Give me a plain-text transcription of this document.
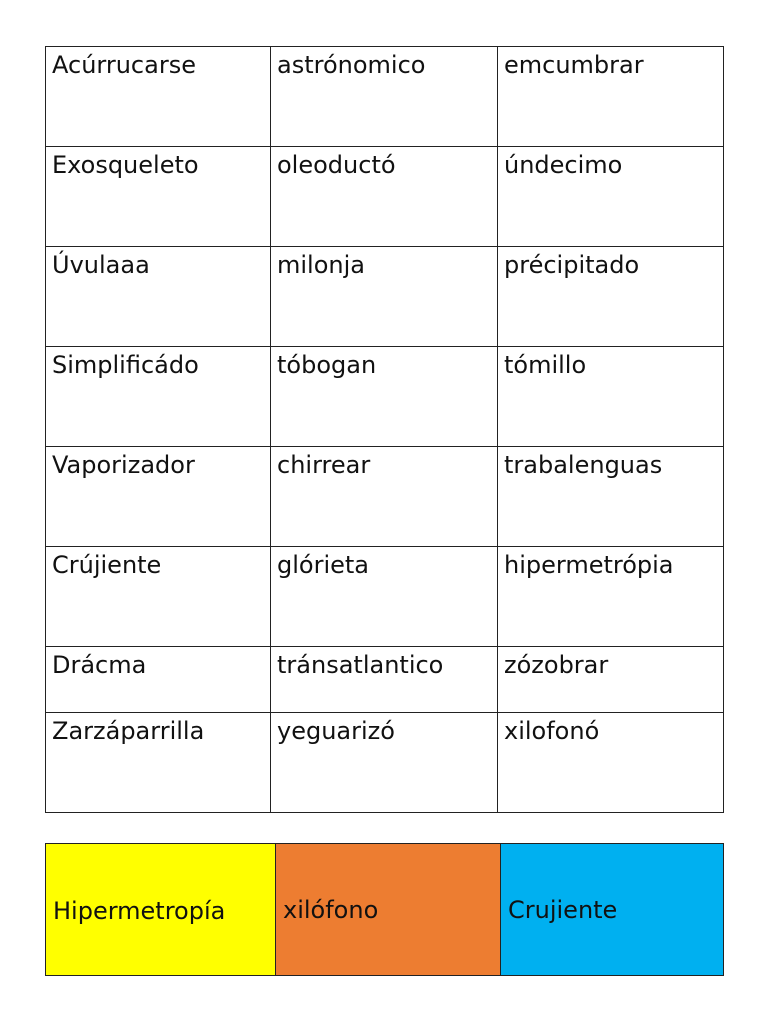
Acúrrucarse	astrónomico	emcumbrar
Exosqueleto	oleoductó	úndecimo
Úvulaaa	milonja	précipitado
Simplificádo	tóbogan	tómillo
Vaporizador	chirrear	trabalenguas
Crújiente	glórieta	hipermetrópia
Drácma	tránsatlantico	zózobrar
Zarzáparrilla	yeguarizó	xilofonó
Hipermetropía	xilófono	Crujiente
